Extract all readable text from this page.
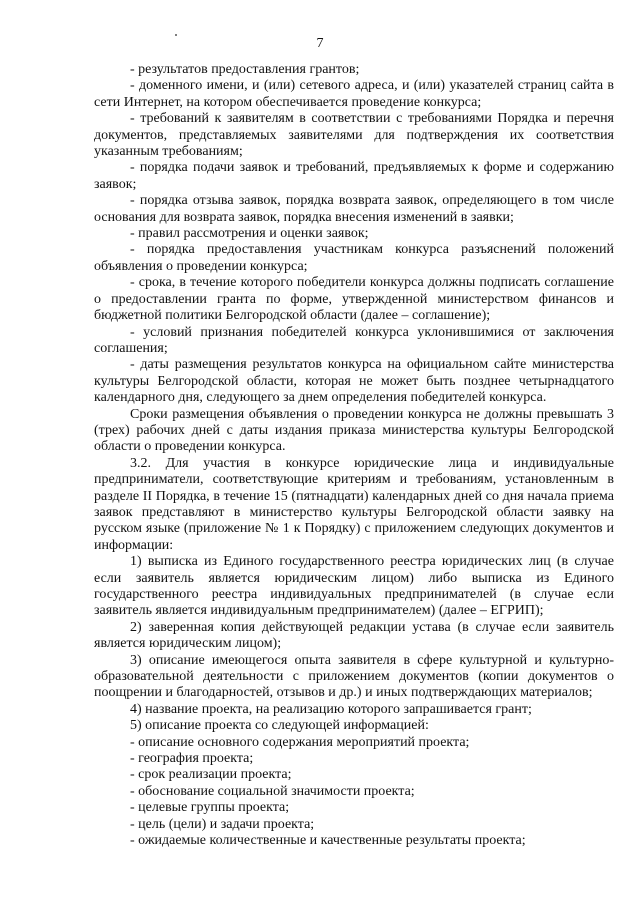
7

- результатов предоставления грантов;

- доменного имени, и (или) сетевого адреса, и (или) указателей страниц сайта в сети Интернет, на котором обеспечивается проведение конкурса;

- требований к заявителям в соответствии с требованиями Порядка и перечня документов, представляемых заявителями для подтверждения их соответствия указанным требованиям;

- порядка подачи заявок и требований, предъявляемых к форме и содержанию заявок;

- порядка отзыва заявок, порядка возврата заявок, определяющего в том числе основания для возврата заявок, порядка внесения изменений в заявки;

- правил рассмотрения и оценки заявок;

- порядка предоставления участникам конкурса разъяснений положений объявления о проведении конкурса;

- срока, в течение которого победители конкурса должны подписать соглашение о предоставлении гранта по форме, утвержденной министерством финансов и бюджетной политики Белгородской области (далее – соглашение);

- условий признания победителей конкурса уклонившимися от заключения соглашения;

- даты размещения результатов конкурса на официальном сайте министерства культуры Белгородской области, которая не может быть позднее четырнадцатого календарного дня, следующего за днем определения победителей конкурса.

Сроки размещения объявления о проведении конкурса не должны превышать 3 (трех) рабочих дней с даты издания приказа министерства культуры Белгородской области о проведении конкурса.

3.2. Для участия в конкурсе юридические лица и индивидуальные предприниматели, соответствующие критериям и требованиям, установленным в разделе II Порядка, в течение 15 (пятнадцати) календарных дней со дня начала приема заявок представляют в министерство культуры Белгородской области заявку на русском языке (приложение № 1 к Порядку) с приложением следующих документов и информации:

1) выписка из Единого государственного реестра юридических лиц (в случае если заявитель является юридическим лицом) либо выписка из Единого государственного реестра индивидуальных предпринимателей (в случае если заявитель является индивидуальным предпринимателем) (далее – ЕГРИП);

2) заверенная копия действующей редакции устава (в случае если заявитель является юридическим лицом);

3) описание имеющегося опыта заявителя в сфере культурной и культурно-образовательной деятельности с приложением документов (копии документов о поощрении и благодарностей, отзывов и др.) и иных подтверждающих материалов;

4) название проекта, на реализацию которого запрашивается грант;

5) описание проекта со следующей информацией:

- описание основного содержания мероприятий проекта;

- география проекта;

- срок реализации проекта;

- обоснование социальной значимости проекта;

- целевые группы проекта;

- цель (цели) и задачи проекта;

- ожидаемые количественные и качественные результаты проекта;
